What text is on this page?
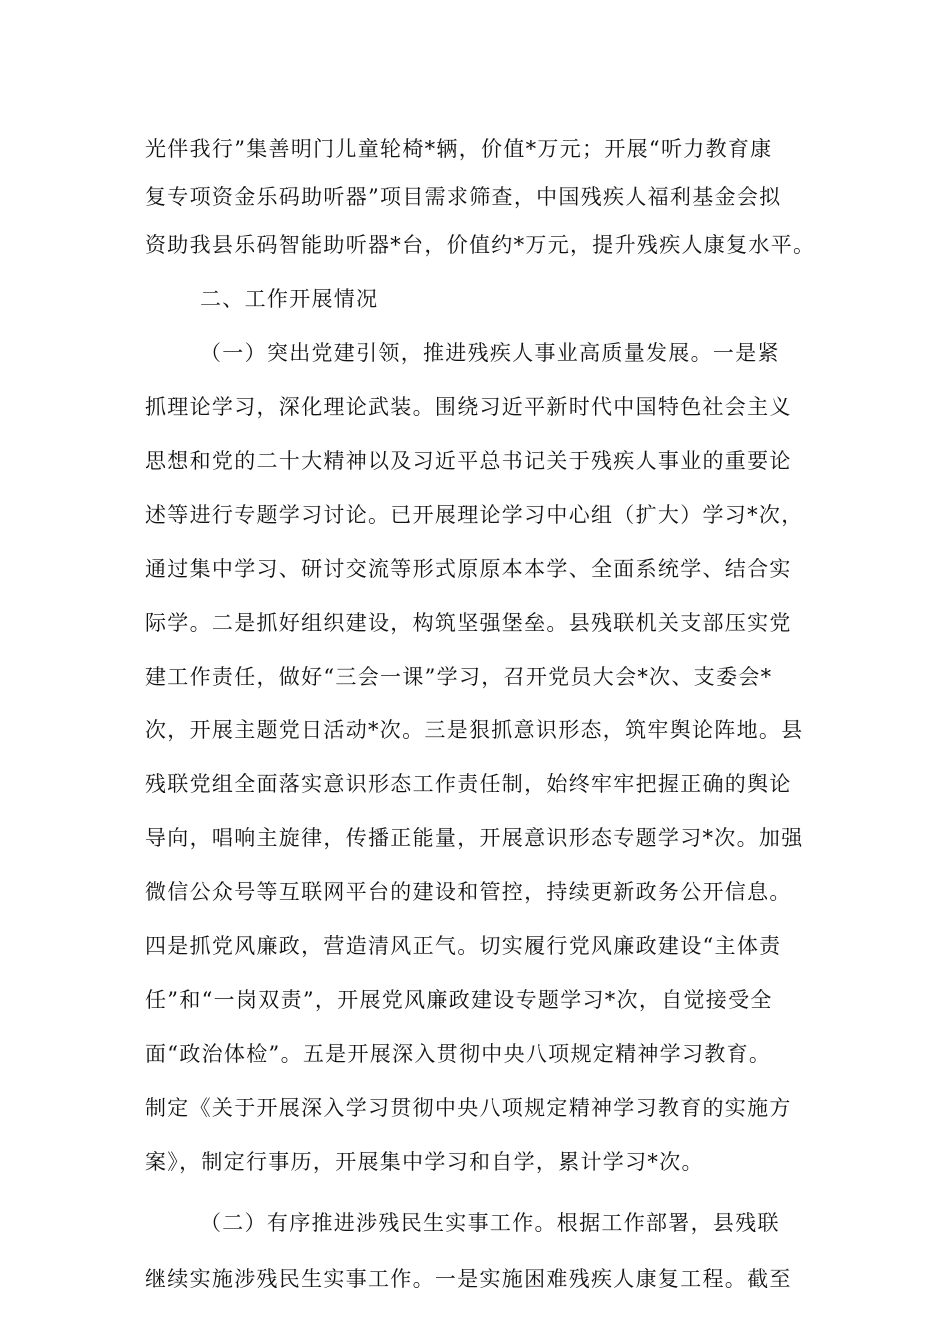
光伴我行”集善明门儿童轮椅*辆，价值*万元；开展“听力教育康
复专项资金乐码助听器”项目需求筛查，中国残疾人福利基金会拟
资助我县乐码智能助听器*台，价值约*万元，提升残疾人康复水平。
二、工作开展情况
（一）突出党建引领，推进残疾人事业高质量发展。一是紧
抓理论学习，深化理论武装。围绕习近平新时代中国特色社会主义
思想和党的二十大精神以及习近平总书记关于残疾人事业的重要论
述等进行专题学习讨论。已开展理论学习中心组（扩大）学习*次，
通过集中学习、研讨交流等形式原原本本学、全面系统学、结合实
际学。二是抓好组织建设，构筑坚强堡垒。县残联机关支部压实党
建工作责任，做好“三会一课”学习，召开党员大会*次、支委会*
次，开展主题党日活动*次。三是狠抓意识形态，筑牢舆论阵地。县
残联党组全面落实意识形态工作责任制，始终牢牢把握正确的舆论
导向，唱响主旋律，传播正能量，开展意识形态专题学习*次。加强
微信公众号等互联网平台的建设和管控，持续更新政务公开信息。
四是抓党风廉政，营造清风正气。切实履行党风廉政建设“主体责
任”和“一岗双责”，开展党风廉政建设专题学习*次，自觉接受全
面“政治体检”。五是开展深入贯彻中央八项规定精神学习教育。
制定《关于开展深入学习贯彻中央八项规定精神学习教育的实施方
案》，制定行事历，开展集中学习和自学，累计学习*次。
（二）有序推进涉残民生实事工作。根据工作部署，县残联
继续实施涉残民生实事工作。一是实施困难残疾人康复工程。截至
